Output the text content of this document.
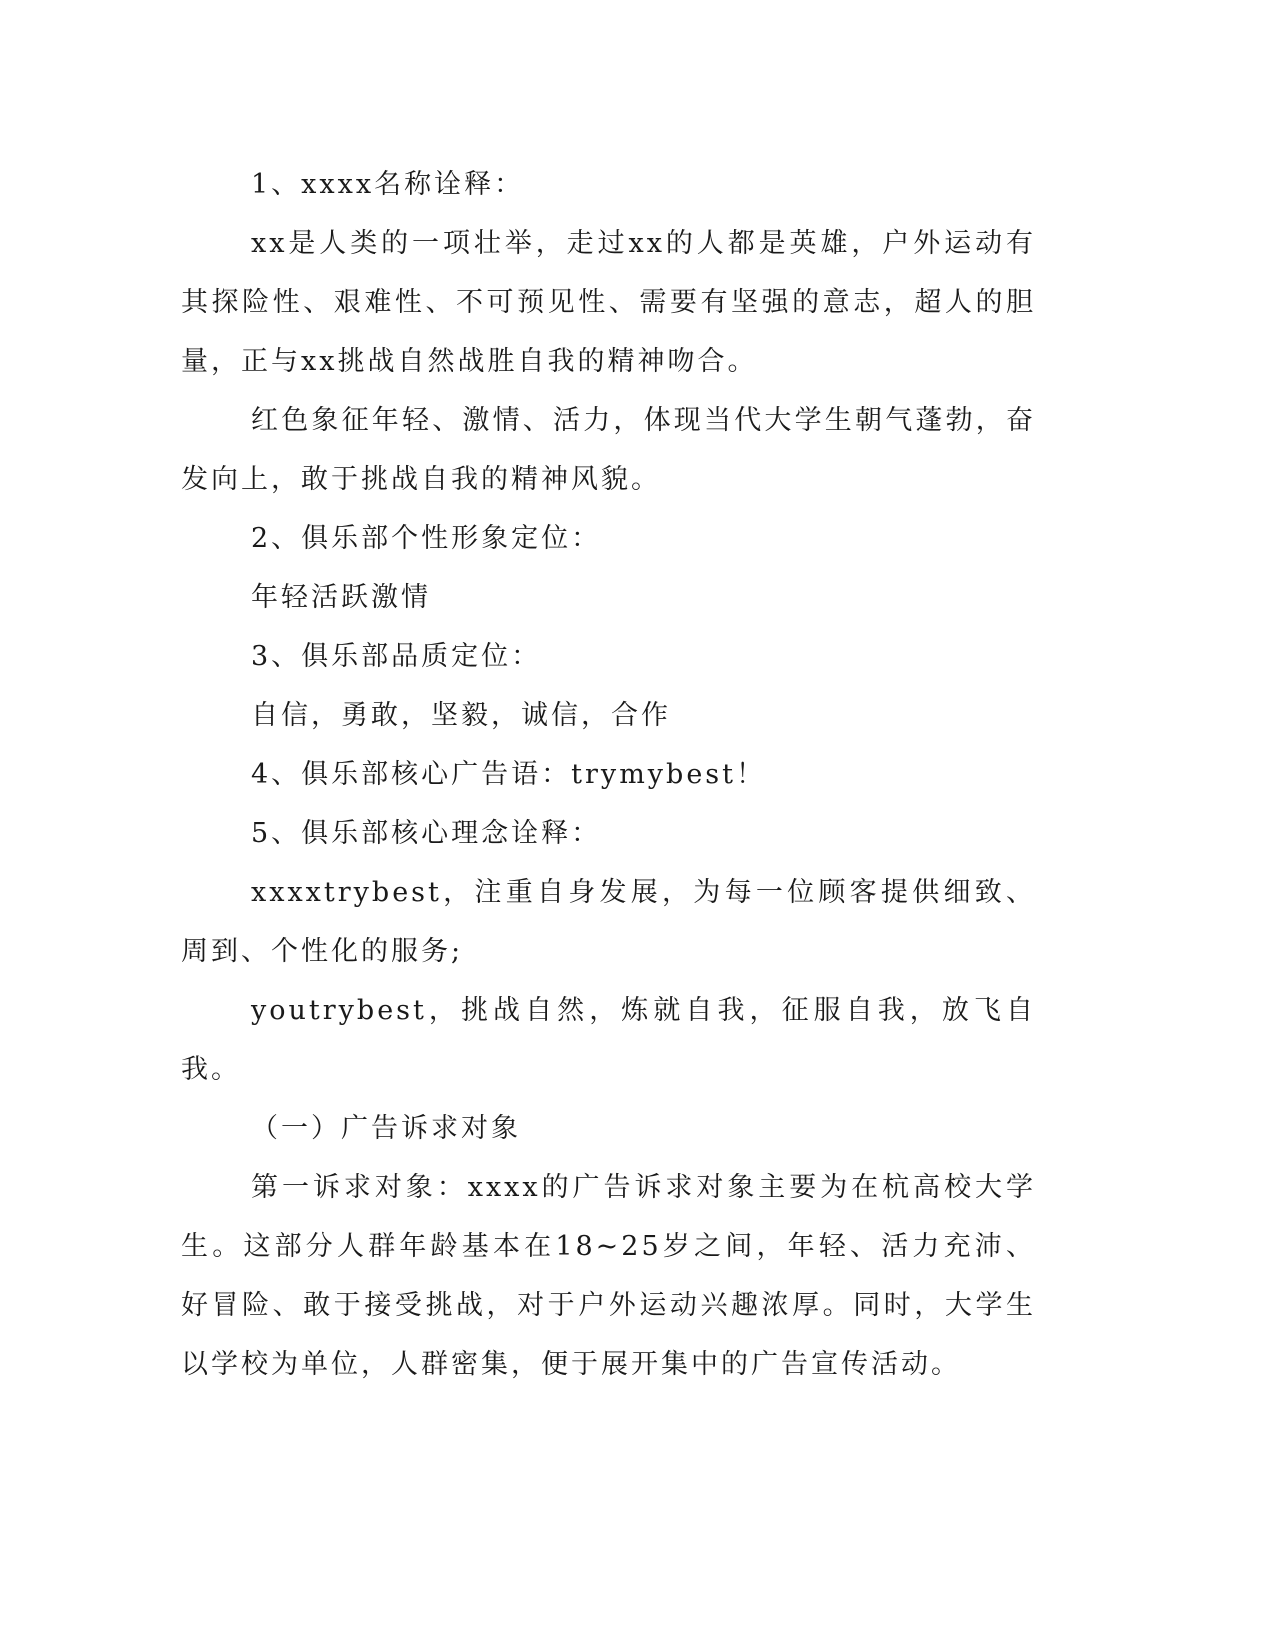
1、xxxx名称诠释：

xx是人类的一项壮举，走过xx的人都是英雄，户外运动有其探险性、艰难性、不可预见性、需要有坚强的意志，超人的胆量，正与xx挑战自然战胜自我的精神吻合。

红色象征年轻、激情、活力，体现当代大学生朝气蓬勃，奋发向上，敢于挑战自我的精神风貌。

2、俱乐部个性形象定位：

年轻活跃激情

3、俱乐部品质定位：

自信，勇敢，坚毅，诚信，合作

4、俱乐部核心广告语：trymybest！

5、俱乐部核心理念诠释：

xxxxtrybest，注重自身发展，为每一位顾客提供细致、周到、个性化的服务;

youtrybest，挑战自然，炼就自我，征服自我，放飞自我。

（一）广告诉求对象

第一诉求对象：xxxx的广告诉求对象主要为在杭高校大学生。这部分人群年龄基本在18~25岁之间，年轻、活力充沛、好冒险、敢于接受挑战，对于户外运动兴趣浓厚。同时，大学生以学校为单位，人群密集，便于展开集中的广告宣传活动。
